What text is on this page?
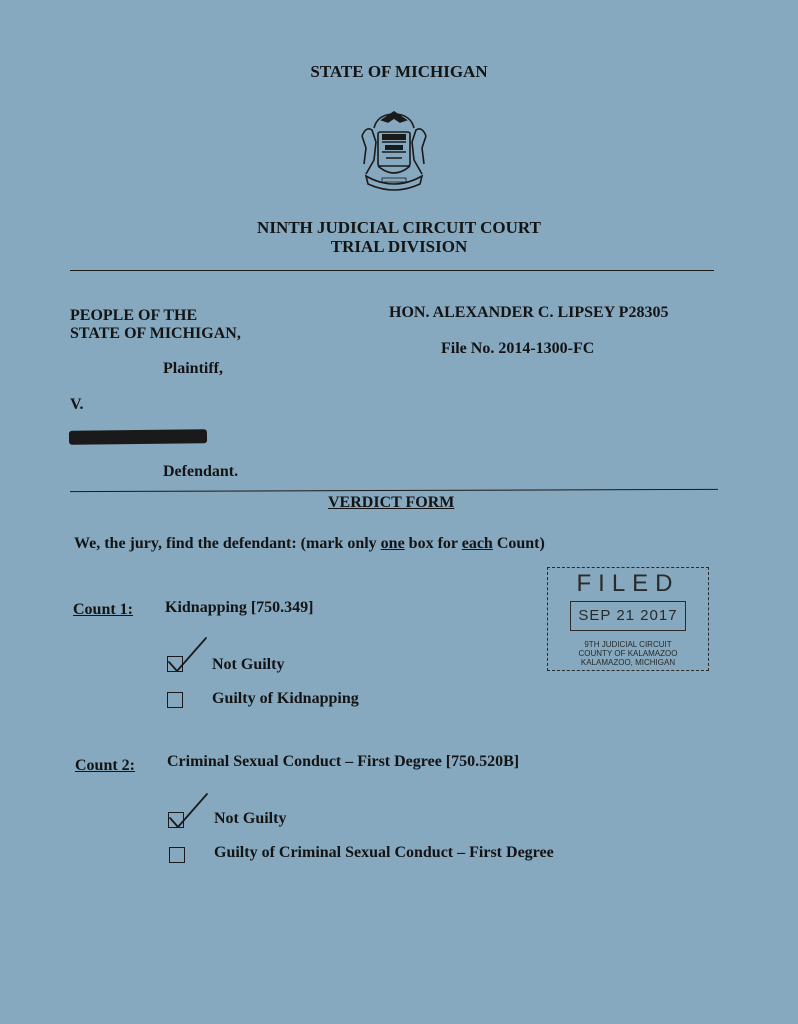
STATE OF MICHIGAN
NINTH JUDICIAL CIRCUIT COURT
TRIAL DIVISION
PEOPLE OF THE
STATE OF MICHIGAN,
Plaintiff,
V.
Defendant.
HON. ALEXANDER C. LIPSEY P28305
File No. 2014-1300-FC
VERDICT FORM
We, the jury, find the defendant: (mark only one box for each Count)
FILED
SEP 21 2017
9TH JUDICIAL CIRCUIT
COUNTY OF KALAMAZOO
KALAMAZOO, MICHIGAN
Count 1: Kidnapping [750.349]
Not Guilty
Guilty of Kidnapping
Count 2: Criminal Sexual Conduct – First Degree [750.520B]
Not Guilty
Guilty of Criminal Sexual Conduct – First Degree
